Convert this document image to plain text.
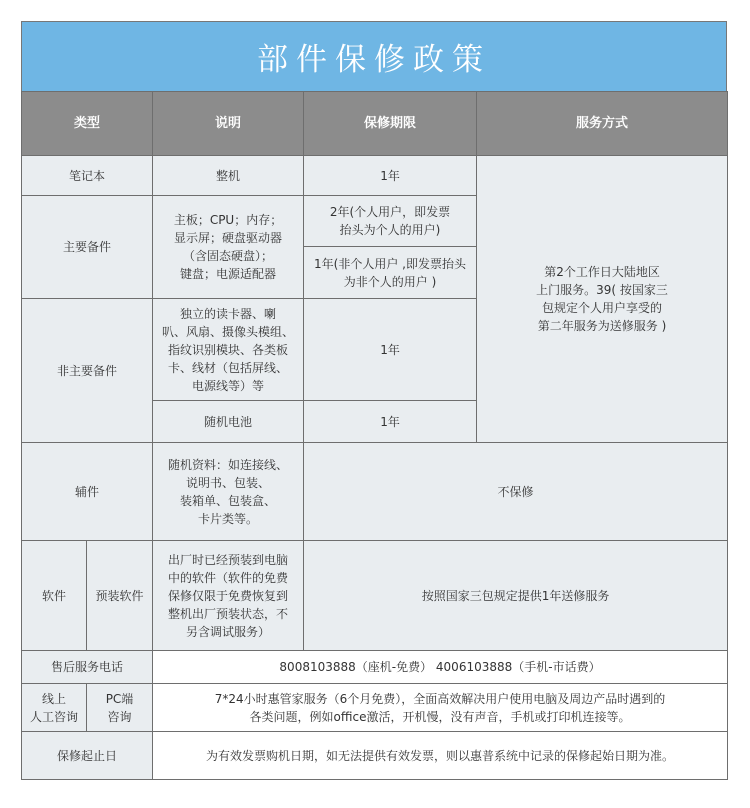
部件保修政策
类型		说明	保修期限	服务方式
笔记本		整机	1年	第2个工作日大陆地区
上门服务。39( 按国家三
包规定个人用户享受的
第二年服务为送修服务 )
主要备件		主板；CPU；内存；
显示屏；硬盘驱动器
（含固态硬盘）；
键盘；电源适配器	2年(个人用户，即发票
抬头为个人的用户)	
			1年(非个人用户 ,即发票抬头
为非个人的用户 )	
非主要备件		独立的读卡器、喇
叭、风扇、摄像头模组、
指纹识别模块、各类板
卡、线材（包括屏线、
电源线等）等	1年	
		随机电池	1年	
辅件		随机资料：如连接线、
说明书、包装、
装箱单、包装盒、
卡片类等。	不保修	
软件	预装软件	出厂时已经预装到电脑
中的软件（软件的免费
保修仅限于免费恢复到
整机出厂预装状态，不
另含调试服务）	按照国家三包规定提供1年送修服务	
售后服务电话		8008103888（座机-免费） 4006103888（手机-市话费）		
线上
人工咨询	PC端
咨询	7*24小时惠管家服务（6个月免费），全面高效解决用户使用电脑及周边产品时遇到的
各类问题，例如office激活，开机慢，没有声音，手机或打印机连接等。		
保修起止日		为有效发票购机日期，如无法提供有效发票，则以惠普系统中记录的保修起始日期为准。		
